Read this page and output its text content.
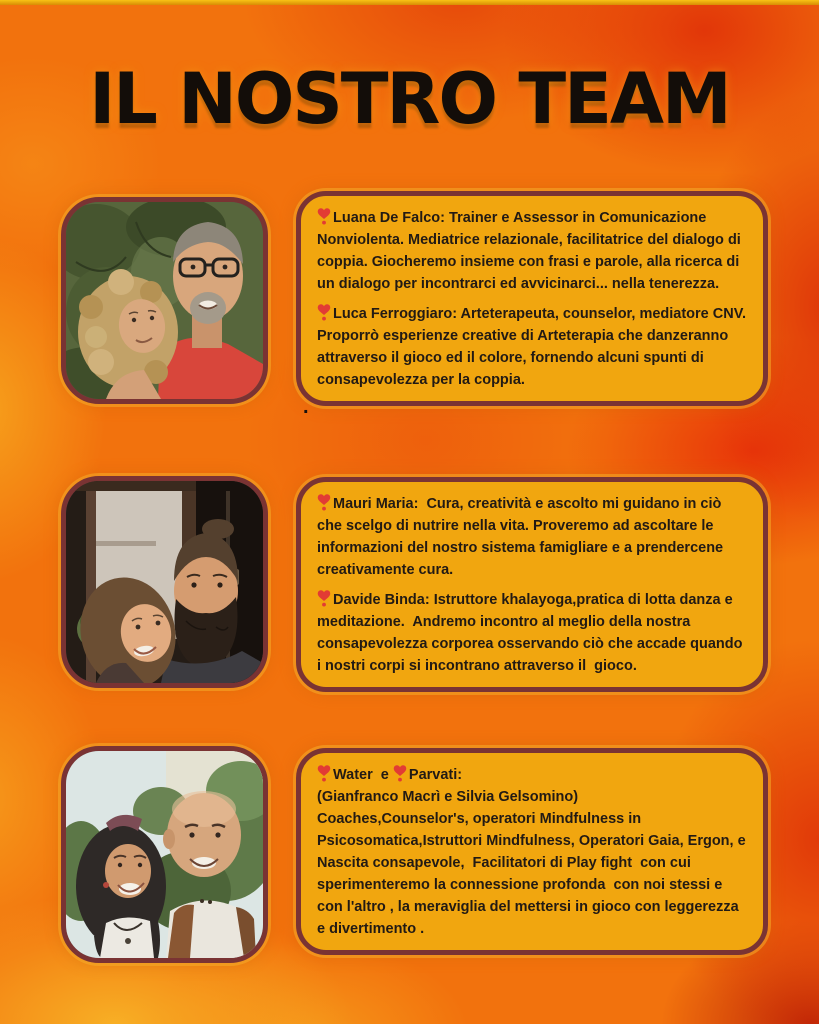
IL NOSTRO TEAM

Luana De Falco: Trainer e Assessor in Comunicazione Nonviolenta. Mediatrice relazionale, facilitatrice del dialogo di coppia. Giocheremo insieme con frasi e parole, alla ricerca di un dialogo per incontrarci ed avvicinarci... nella tenerezza.

Luca Ferroggiaro: Arteterapeuta, counselor, mediatore CNV. Proporrò esperienze creative di Arteterapia che danzeranno attraverso il gioco ed il colore, fornendo alcuni spunti di consapevolezza per la coppia.

.

Mauri Maria:  Cura, creatività e ascolto mi guidano in ciò che scelgo di nutrire nella vita. Proveremo ad ascoltare le informazioni del nostro sistema famigliare e a prendercene creativamente cura.

Davide Binda: Istruttore khalayoga,pratica di lotta danza e meditazione.  Andremo incontro al meglio della nostra consapevolezza corporea osservando ciò che accade quando i nostri corpi si incontrano attraverso il  gioco.

Water  e Parvati:

(Gianfranco Macrì e Silvia Gelsomino)

Coaches,Counselor's, operatori Mindfulness in Psicosomatica,Istruttori Mindfulness, Operatori Gaia, Ergon, e Nascita consapevole,  Facilitatori di Play fight  con cui sperimenteremo la connessione profonda  con noi stessi e con l'altro , la meraviglia del mettersi in gioco con leggerezza e divertimento .
